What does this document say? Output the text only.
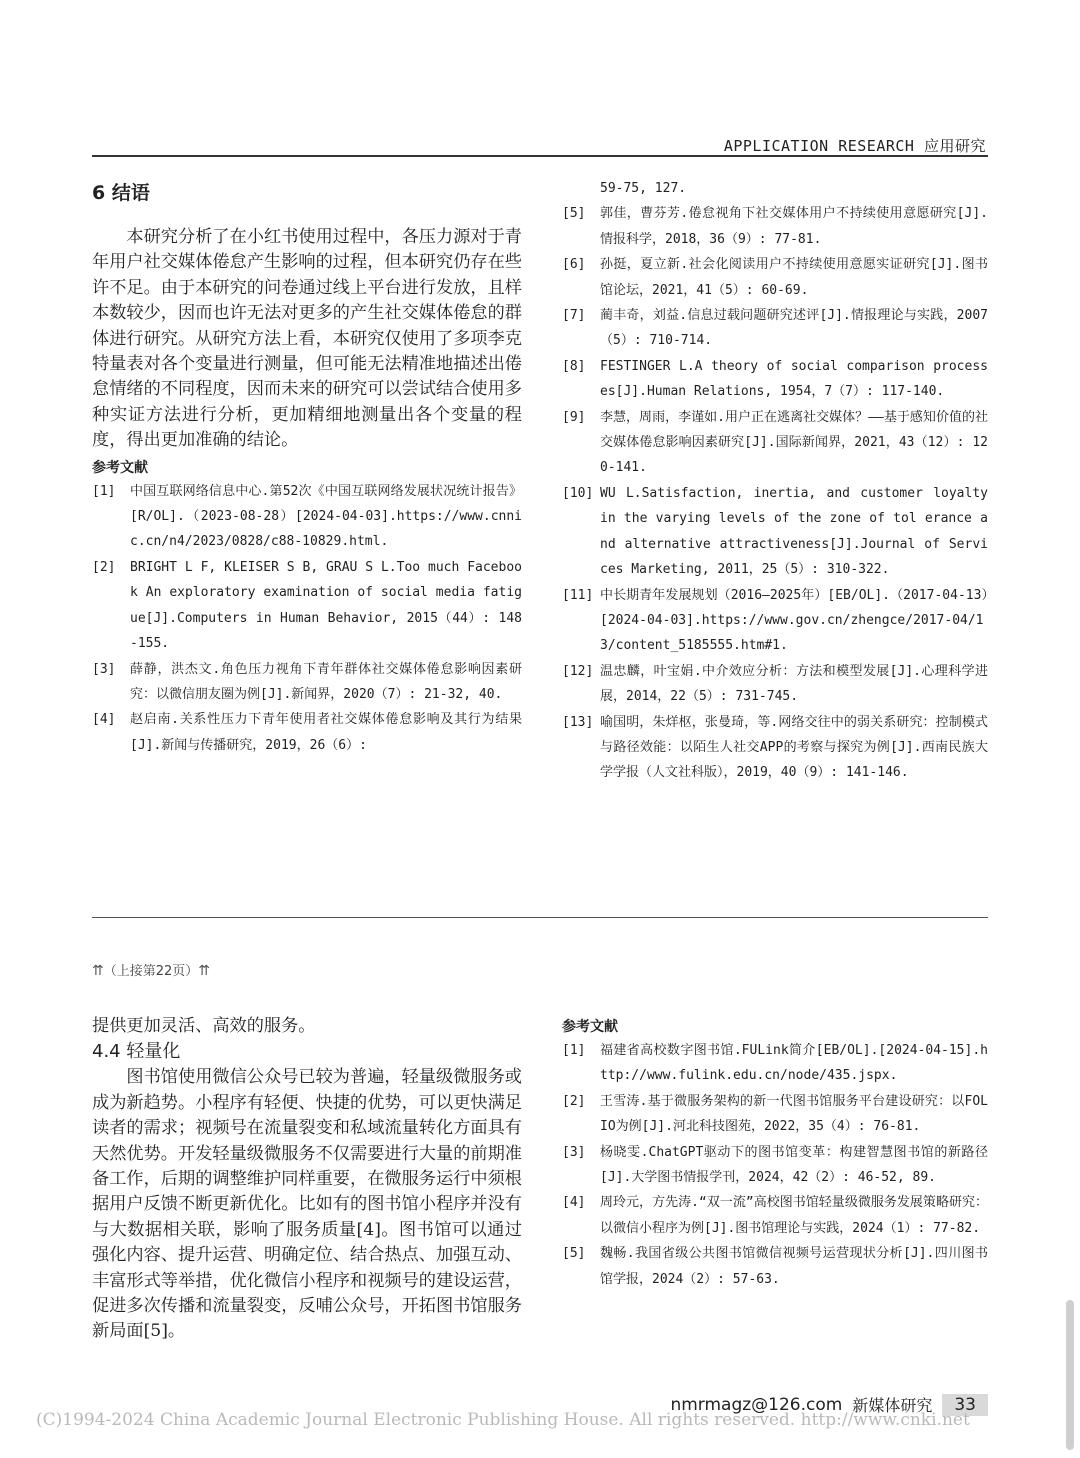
APPLICATION RESEARCH 应用研究

6 结语

本研究分析了在小红书使用过程中，各压力源对于青年用户社交媒体倦怠产生影响的过程，但本研究仍存在些许不足。由于本研究的问卷通过线上平台进行发放，且样本数较少，因而也许无法对更多的产生社交媒体倦怠的群体进行研究。从研究方法上看，本研究仅使用了多项李克特量表对各个变量进行测量，但可能无法精准地描述出倦怠情绪的不同程度，因而未来的研究可以尝试结合使用多种实证方法进行分析，更加精细地测量出各个变量的程度，得出更加准确的结论。

参考文献

[1] 中国互联网络信息中心.第52次《中国互联网络发展状况统计报告》[R/OL].（2023-08-28）[2024-04-03].https://www.cnnic.cn/n4/2023/0828/c88-10829.html.

[2] BRIGHT L F, KLEISER S B, GRAU S L.Too much Facebook An exploratory examination of social media fatigue[J].Computers in Human Behavior, 2015（44）: 148-155.

[3] 薛静，洪杰文.角色压力视角下青年群体社交媒体倦怠影响因素研究：以微信朋友圈为例[J].新闻界，2020（7）: 21-32, 40.

[4] 赵启南.关系性压力下青年使用者社交媒体倦怠影响及其行为结果[J].新闻与传播研究，2019，26（6）:

59-75, 127.

[5] 郭佳，曹芬芳.倦怠视角下社交媒体用户不持续使用意愿研究[J].情报科学，2018，36（9）: 77-81.

[6] 孙挺，夏立新.社会化阅读用户不持续使用意愿实证研究[J].图书馆论坛，2021，41（5）: 60-69.

[7] 蔺丰奇，刘益.信息过载问题研究述评[J].情报理论与实践，2007（5）: 710-714.

[8] FESTINGER L.A theory of social comparison processes[J].Human Relations, 1954，7（7）: 117-140.

[9] 李慧，周雨，李谨如.用户正在逃离社交媒体？——基于感知价值的社交媒体倦怠影响因素研究[J].国际新闻界，2021，43（12）: 120-141.

[10] WU L.Satisfaction, inertia, and customer loyalty in the varying levels of the zone of tol erance and alternative attractiveness[J].Journal of Services Marketing, 2011，25（5）: 310-322.

[11] 中长期青年发展规划（2016—2025年）[EB/OL].（2017-04-13）[2024-04-03].https://www.gov.cn/zhengce/2017-04/13/content_5185555.htm#1.

[12] 温忠麟，叶宝娟.中介效应分析：方法和模型发展[J].心理科学进展，2014，22（5）: 731-745.

[13] 喻国明，朱烊枢，张曼琦，等.网络交往中的弱关系研究：控制模式与路径效能：以陌生人社交APP的考察与探究为例[J].西南民族大学学报（人文社科版），2019，40（9）: 141-146.

⇈（上接第22页）⇈

提供更加灵活、高效的服务。

4.4 轻量化

图书馆使用微信公众号已较为普遍，轻量级微服务或成为新趋势。小程序有轻便、快捷的优势，可以更快满足读者的需求；视频号在流量裂变和私域流量转化方面具有天然优势。开发轻量级微服务不仅需要进行大量的前期准备工作，后期的调整维护同样重要，在微服务运行中须根据用户反馈不断更新优化。比如有的图书馆小程序并没有与大数据相关联，影响了服务质量[4]。图书馆可以通过强化内容、提升运营、明确定位、结合热点、加强互动、丰富形式等举措，优化微信小程序和视频号的建设运营，促进多次传播和流量裂变，反哺公众号，开拓图书馆服务新局面[5]。

参考文献

[1] 福建省高校数字图书馆.FULink简介[EB/OL].[2024-04-15].http://www.fulink.edu.cn/node/435.jspx.

[2] 王雪涛.基于微服务架构的新一代图书馆服务平台建设研究：以FOLIO为例[J].河北科技图苑，2022，35（4）: 76-81.

[3] 杨晓雯.ChatGPT驱动下的图书馆变革：构建智慧图书馆的新路径[J].大学图书情报学刊，2024，42（2）: 46-52, 89.

[4] 周玲元，方先涛.“双一流”高校图书馆轻量级微服务发展策略研究：以微信小程序为例[J].图书馆理论与实践，2024（1）: 77-82.

[5] 魏畅.我国省级公共图书馆微信视频号运营现状分析[J].四川图书馆学报，2024（2）: 57-63.

nmrmagz@126.com 新媒体研究	33
(C)1994-2024 China Academic Journal Electronic Publishing House. All rights reserved. http://www.cnki.net
